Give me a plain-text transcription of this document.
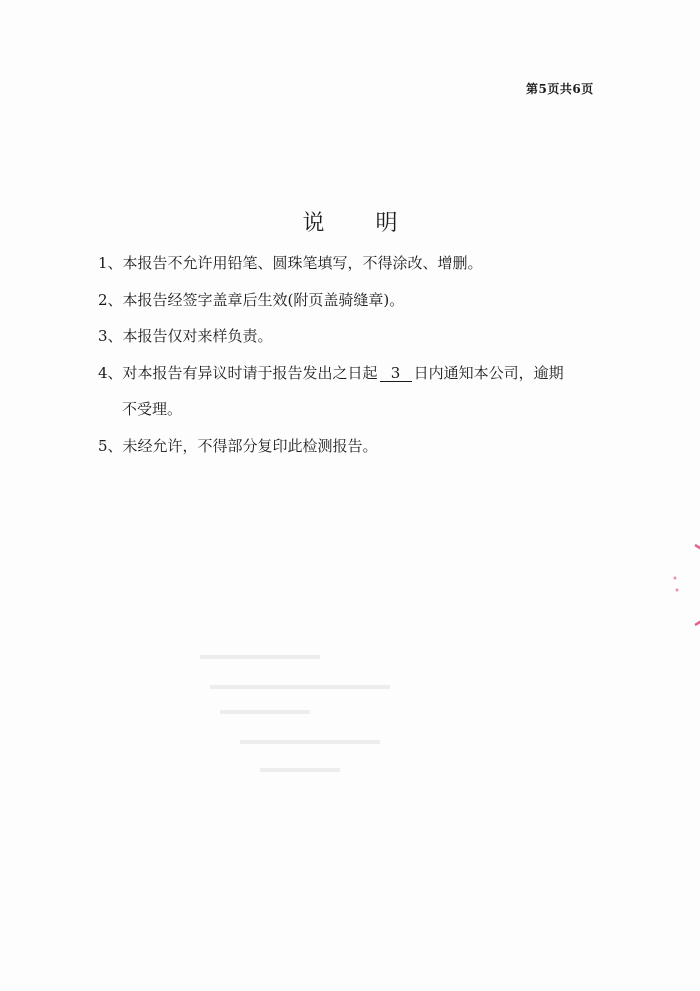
第5页共6页
说 明
1、本报告不允许用铅笔、圆珠笔填写，不得涂改、增删。
2、本报告经签字盖章后生效(附页盖骑缝章)。
3、本报告仅对来样负责。
4、对本报告有异议时请于报告发出之日起 3 日内通知本公司，逾期
不受理。
5、未经允许，不得部分复印此检测报告。
